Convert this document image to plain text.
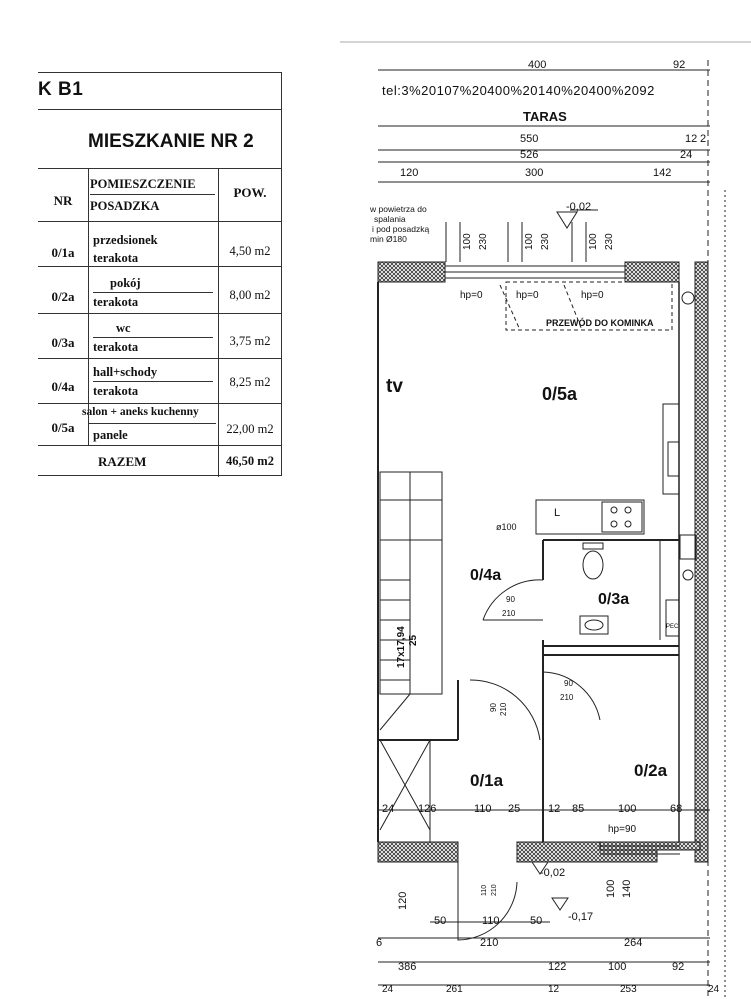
K B1
MIESZKANIE NR 2
NR
POMIESZCZENIE
POSADZKA
POW.
0/1a
przedsionek
terakota	4,50 m2
0/2a
pokój
terakota	8,00 m2
0/3a
wc
terakota	3,75 m2
0/4a
hall+schody
terakota
8,25 m2
0/5a
salon + aneks kuchenny
panele	22,00 m2
RAZEM	46,50 m2
tel:3%20107%20400%20140%20400%2092
400	92
TARAS
550	12 2
526	24
120	300	142
-0,02
w powietrza do
spalania
i pod posadzką
min Ø180	100 230	100 230	100 230
hp=0	hp=0	hp=0
PRZEWÓD DO KOMINKA
tv	0/5a
L
ø100
0/4a
0/3a
PEC
90
210
17x17,94 25
90
210
90 210
0/1a
0/2a
24 126	110 25	12 85	100	68
hp=90
-0,02
120
110 210	100 140
50	110	50 -0,17
6	210	264
386	122	100	92
24	261	12	253	24
